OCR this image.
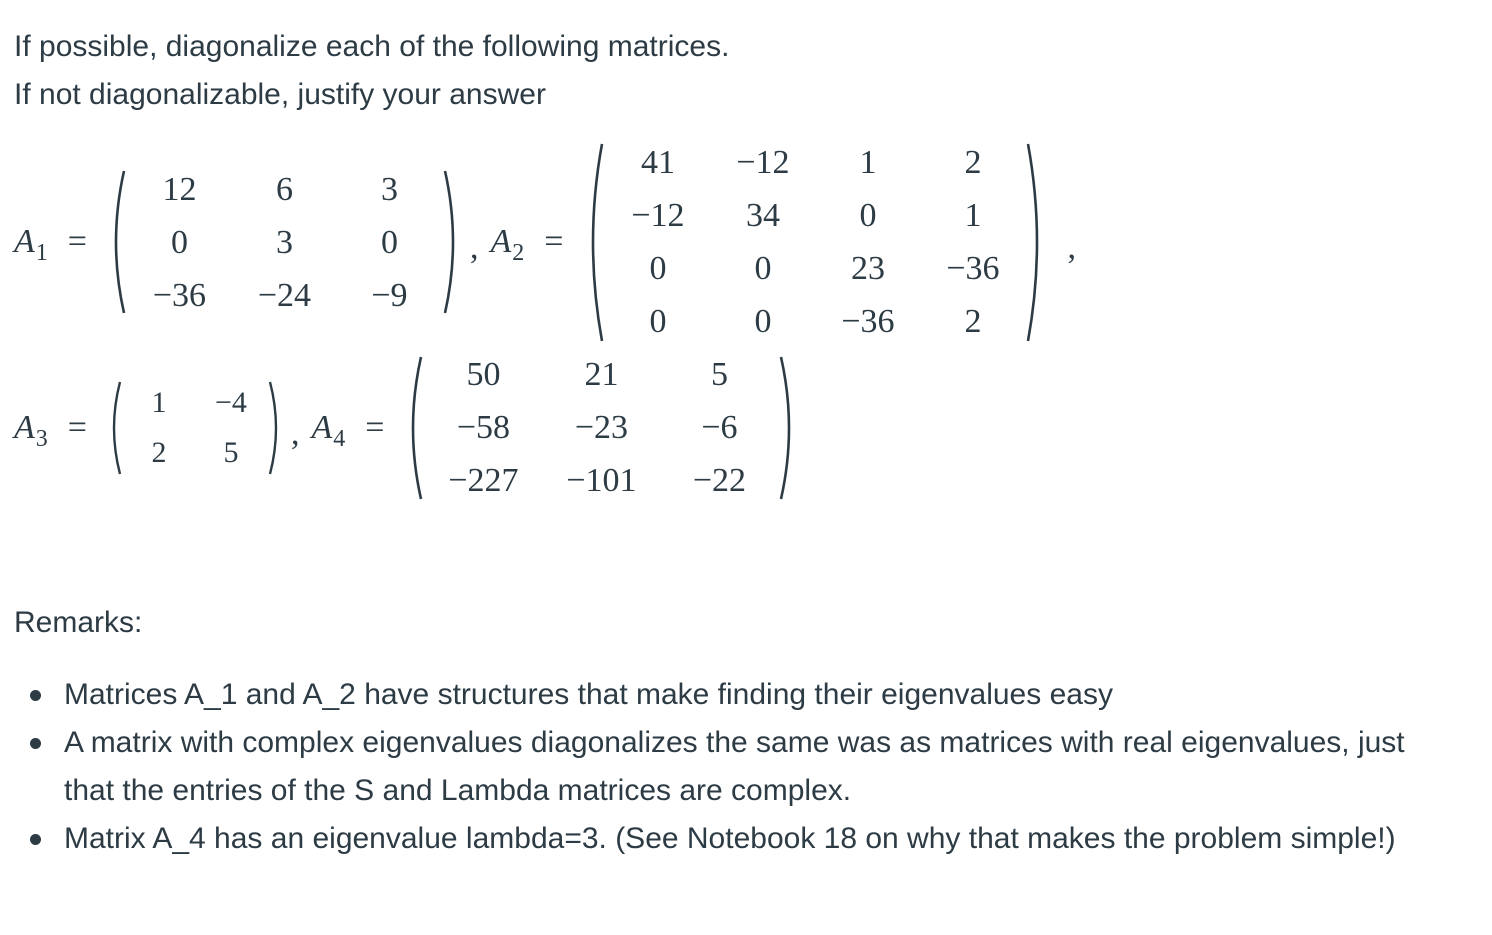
If possible, diagonalize each of the following matrices.

If not diagonalizable, justify your answer

$A_1$ =
12	6	3
0	3	0
−36	−24	−9
, $A_2$ =
41	−12	1	2
−12	34	0	1
0	0	23	−36
0	0	−36	2
,
$A_3$ =
1	−4
2	5
, $A_4$ =
50	21	5
−58	−23	−6
−227	−101	−22

Remarks:

Matrices A_1 and A_2 have structures that make finding their eigenvalues easy
A matrix with complex eigenvalues diagonalizes the same was as matrices with real eigenvalues, just that the entries of the S and Lambda matrices are complex.
Matrix A_4 has an eigenvalue lambda=3. (See Notebook 18 on why that makes the problem simple!)
